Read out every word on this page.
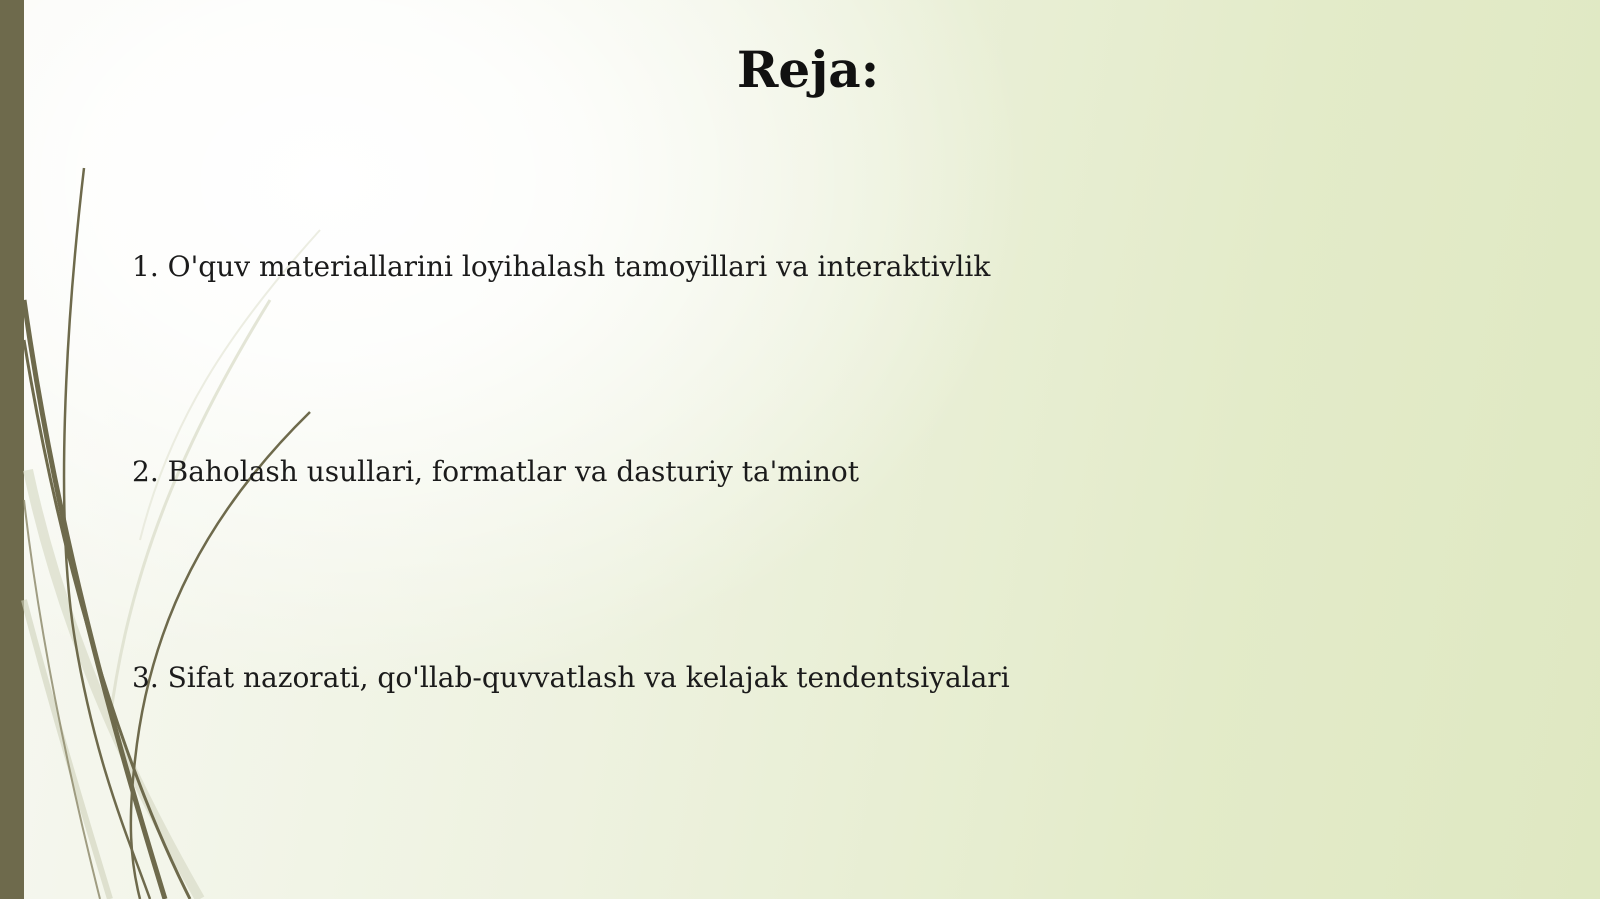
Reja:
1. O'quv materiallarini loyihalash tamoyillari va interaktivlik
2. Baholash usullari, formatlar va dasturiy ta'minot
3. Sifat nazorati, qo'llab-quvvatlash va kelajak tendentsiyalari
